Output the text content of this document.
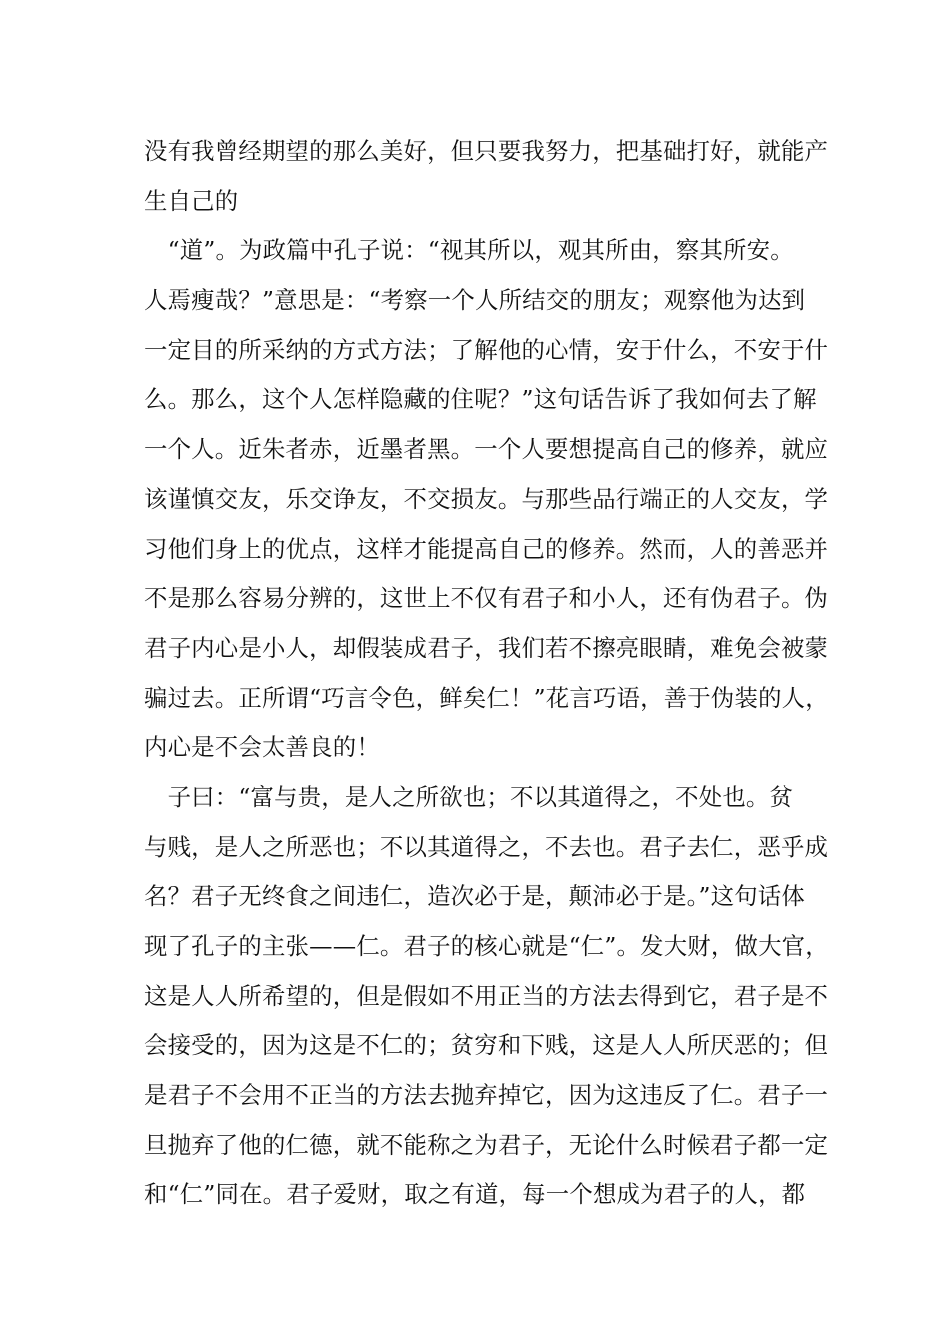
没有我曾经期望的那么美好，但只要我努力，把基础打好，就能产
生自己的
　“道”。为政篇中孔子说：“视其所以，观其所由，察其所安。
人焉瘦哉？”意思是：“考察一个人所结交的朋友；观察他为达到
一定目的所采纳的方式方法；了解他的心情，安于什么，不安于什
么。那么，这个人怎样隐藏的住呢？”这句话告诉了我如何去了解
一个人。近朱者赤，近墨者黑。一个人要想提高自己的修养，就应
该谨慎交友，乐交诤友，不交损友。与那些品行端正的人交友，学
习他们身上的优点，这样才能提高自己的修养。然而，人的善恶并
不是那么容易分辨的，这世上不仅有君子和小人，还有伪君子。伪
君子内心是小人，却假装成君子，我们若不擦亮眼睛，难免会被蒙
骗过去。正所谓“巧言令色，鲜矣仁！”花言巧语，善于伪装的人，
内心是不会太善良的！
　子曰：“富与贵，是人之所欲也；不以其道得之，不处也。贫
与贱，是人之所恶也；不以其道得之，不去也。君子去仁，恶乎成
名？君子无终食之间违仁，造次必于是，颠沛必于是。”这句话体
现了孔子的主张——仁。君子的核心就是“仁”。发大财，做大官，
这是人人所希望的，但是假如不用正当的方法去得到它，君子是不
会接受的，因为这是不仁的；贫穷和下贱，这是人人所厌恶的；但
是君子不会用不正当的方法去抛弃掉它，因为这违反了仁。君子一
旦抛弃了他的仁德，就不能称之为君子，无论什么时候君子都一定
和“仁”同在。君子爱财，取之有道，每一个想成为君子的人，都
